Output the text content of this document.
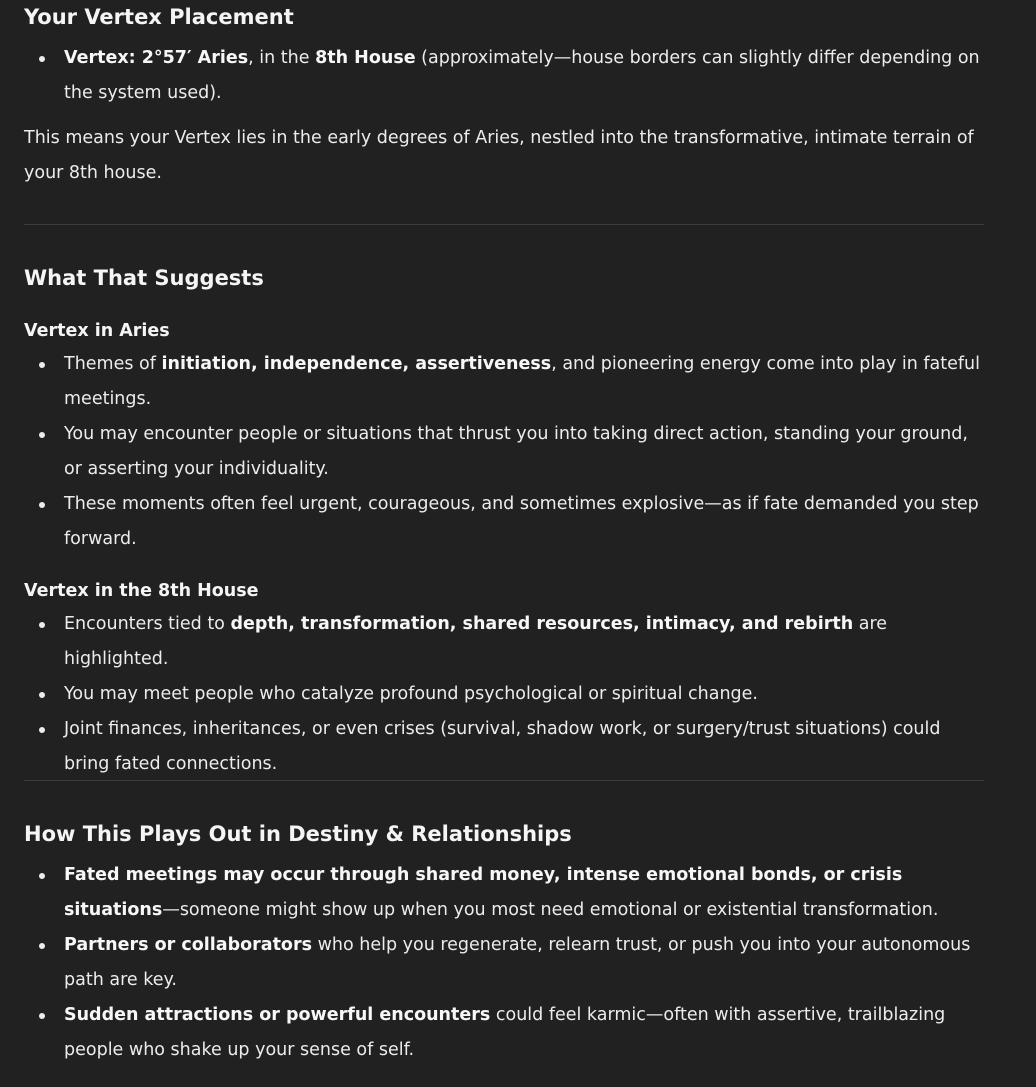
Your Vertex Placement
Vertex: 2°57′ Aries, in the 8th House (approximately—house borders can slightly differ depending on the system used).

This means your Vertex lies in the early degrees of Aries, nestled into the transformative, intimate terrain of your 8th house.

What That Suggests
Vertex in Aries
Themes of initiation, independence, assertiveness, and pioneering energy come into play in fateful meetings.
You may encounter people or situations that thrust you into taking direct action, standing your ground, or asserting your individuality.
These moments often feel urgent, courageous, and sometimes explosive—as if fate demanded you step forward.
Vertex in the 8th House
Encounters tied to depth, transformation, shared resources, intimacy, and rebirth are highlighted.
You may meet people who catalyze profound psychological or spiritual change.
Joint finances, inheritances, or even crises (survival, shadow work, or surgery/trust situations) could bring fated connections.
How This Plays Out in Destiny & Relationships
Fated meetings may occur through shared money, intense emotional bonds, or crisis situations—someone might show up when you most need emotional or existential transformation.
Partners or collaborators who help you regenerate, relearn trust, or push you into your autonomous path are key.
Sudden attractions or powerful encounters could feel karmic—often with assertive, trailblazing people who shake up your sense of self.
